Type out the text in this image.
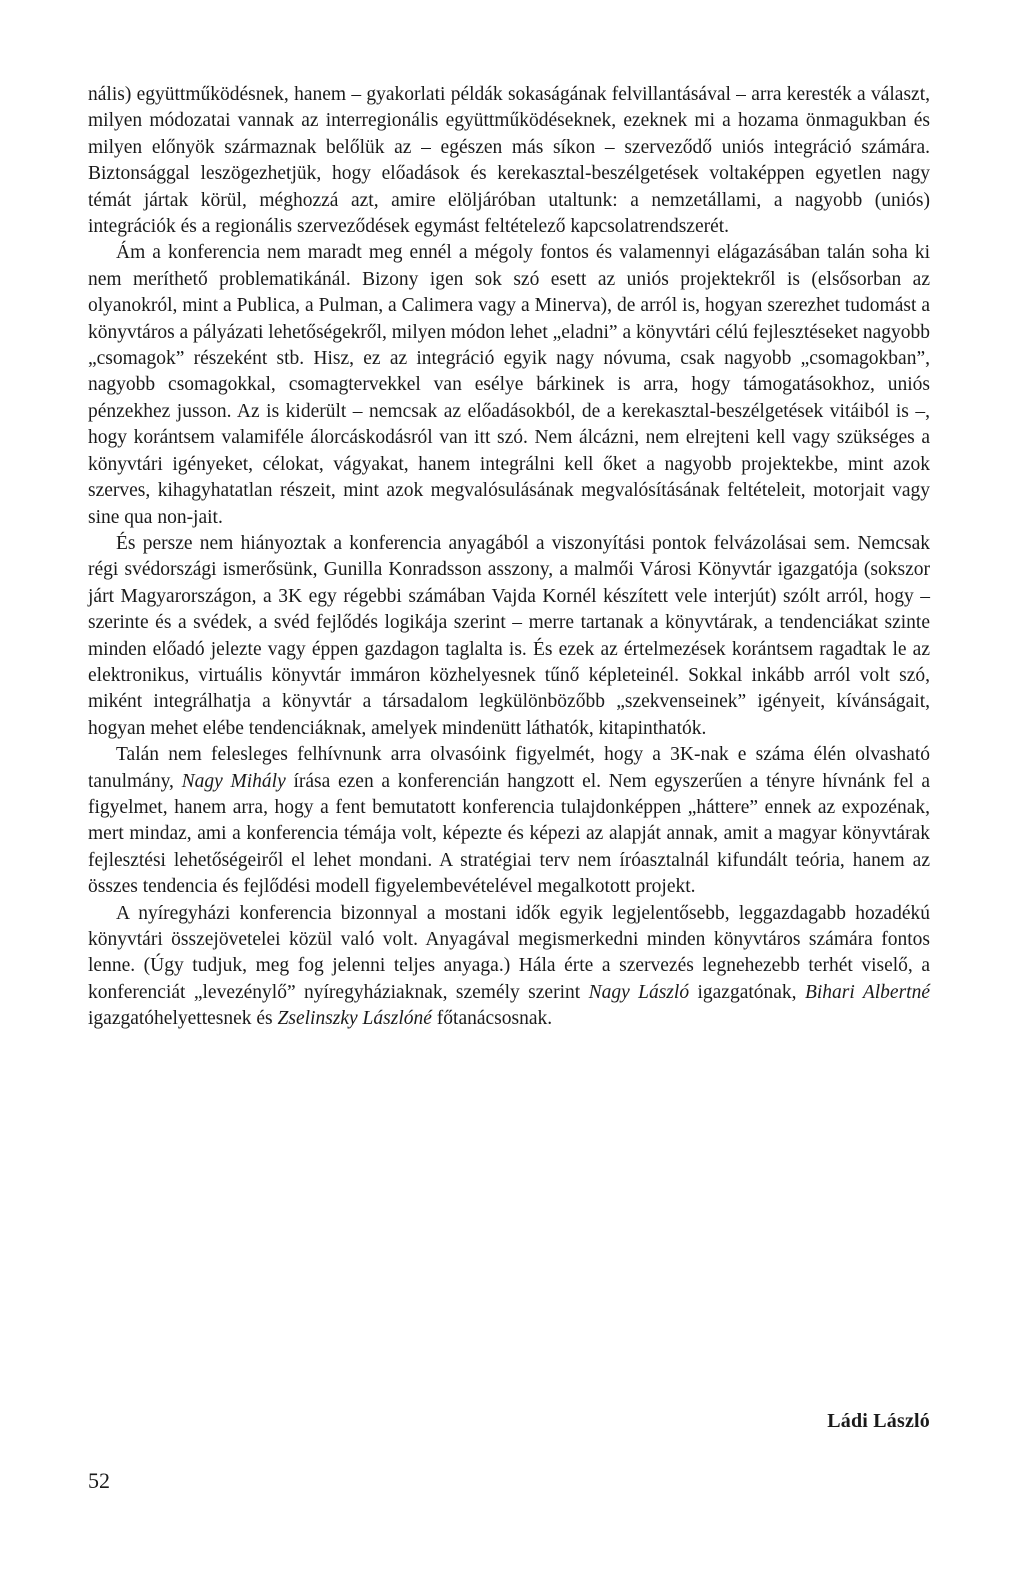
nális) együttműködésnek, hanem – gyakorlati példák sokaságának felvillantásával – arra keresték a választ, milyen módozatai vannak az interregionális együttműködéseknek, ezeknek mi a hozama önmagukban és milyen előnyök származnak belőlük az – egészen más síkon – szerveződő uniós integráció számára. Biztonsággal leszögezhetjük, hogy előadások és kerekasztal-beszélgetések voltaképpen egyetlen nagy témát jártak körül, méghozzá azt, amire elöljáróban utaltunk: a nemzetállami, a nagyobb (uniós) integrációk és a regionális szerveződések egymást feltételező kapcsolatrendszerét.

Ám a konferencia nem maradt meg ennél a mégoly fontos és valamennyi elágazásában talán soha ki nem meríthető problematikánál. Bizony igen sok szó esett az uniós projektekről is (elsősorban az olyanokról, mint a Publica, a Pulman, a Calimera vagy a Minerva), de arról is, hogyan szerezhet tudomást a könyvtáros a pályázati lehetőségekről, milyen módon lehet „eladni” a könyvtári célú fejlesztéseket nagyobb „csomagok” részeként stb. Hisz, ez az integráció egyik nagy nóvuma, csak nagyobb „csomagokban”, nagyobb csomagokkal, csomagtervekkel van esélye bárkinek is arra, hogy támogatásokhoz, uniós pénzekhez jusson. Az is kiderült – nemcsak az előadásokból, de a kerekasztal-beszélgetések vitáiból is –, hogy korántsem valamiféle álorcáskodásról van itt szó. Nem álcázni, nem elrejteni kell vagy szükséges a könyvtári igényeket, célokat, vágyakat, hanem integrálni kell őket a nagyobb projektekbe, mint azok szerves, kihagyhatatlan részeit, mint azok megvalósulásának megvalósításának feltételeit, motorjait vagy sine qua non-jait.

És persze nem hiányoztak a konferencia anyagából a viszonyítási pontok felvázolásai sem. Nemcsak régi svédországi ismerősünk, Gunilla Konradsson asszony, a malmői Városi Könyvtár igazgatója (sokszor járt Magyarországon, a 3K egy régebbi számában Vajda Kornél készített vele interjút) szólt arról, hogy – szerinte és a svédek, a svéd fejlődés logikája szerint – merre tartanak a könyvtárak, a tendenciákat szinte minden előadó jelezte vagy éppen gazdagon taglalta is. És ezek az értelmezések korántsem ragadtak le az elektronikus, virtuális könyvtár immáron közhelyesnek tűnő képleteinél. Sokkal inkább arról volt szó, miként integrálhatja a könyvtár a társadalom legkülönbözőbb „szekvenseinek” igényeit, kívánságait, hogyan mehet elébe tendenciáknak, amelyek mindenütt láthatók, kitapinthatók.

Talán nem felesleges felhívnunk arra olvasóink figyelmét, hogy a 3K-nak e száma élén olvasható tanulmány, Nagy Mihály írása ezen a konferencián hangzott el. Nem egyszerűen a tényre hívnánk fel a figyelmet, hanem arra, hogy a fent bemutatott konferencia tulajdonképpen „háttere” ennek az expozénak, mert mindaz, ami a konferencia témája volt, képezte és képezi az alapját annak, amit a magyar könyvtárak fejlesztési lehetőségeiről el lehet mondani. A stratégiai terv nem íróasztalnál kifundált teória, hanem az összes tendencia és fejlődési modell figyelembevételével megalkotott projekt.

A nyíregyházi konferencia bizonnyal a mostani idők egyik legjelentősebb, leggazdagabb hozadékú könyvtári összejövetelei közül való volt. Anyagával megismerkedni minden könyvtáros számára fontos lenne. (Úgy tudjuk, meg fog jelenni teljes anyaga.) Hála érte a szervezés legnehezebb terhét viselő, a konferenciát „levezénylő” nyíregyháziaknak, személy szerint Nagy László igazgatónak, Bihari Albertné igazgatóhelyettesnek és Zselinszky Lászlóné főtanácsosnak.

Ládi László
52
